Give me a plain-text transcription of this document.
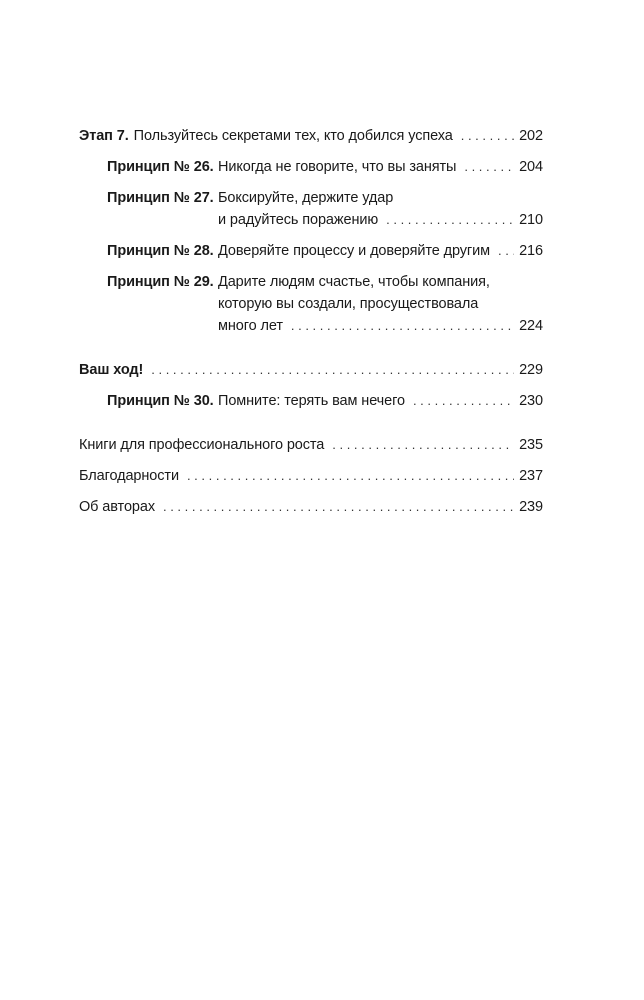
Этап 7. Пользуйтесь секретами тех, кто добился успеха . . .	202
Принцип № 26. Никогда не говорите, что вы заняты . . .	204
Принцип № 27. Боксируйте, держите удар
и радуйтесь поражению . . .	210
Принцип № 28. Доверяйте процессу и доверяйте другим . . . 216
Принцип № 29. Дарите людям счастье, чтобы компания,
которую вы создали, просуществовала
много лет . . .	224
Ваш ход! . . .	229
Принцип № 30. Помните: терять вам нечего . . .	230
Книги для профессионального роста . . .	235
Благодарности . . .	237
Об авторах . . .	239
